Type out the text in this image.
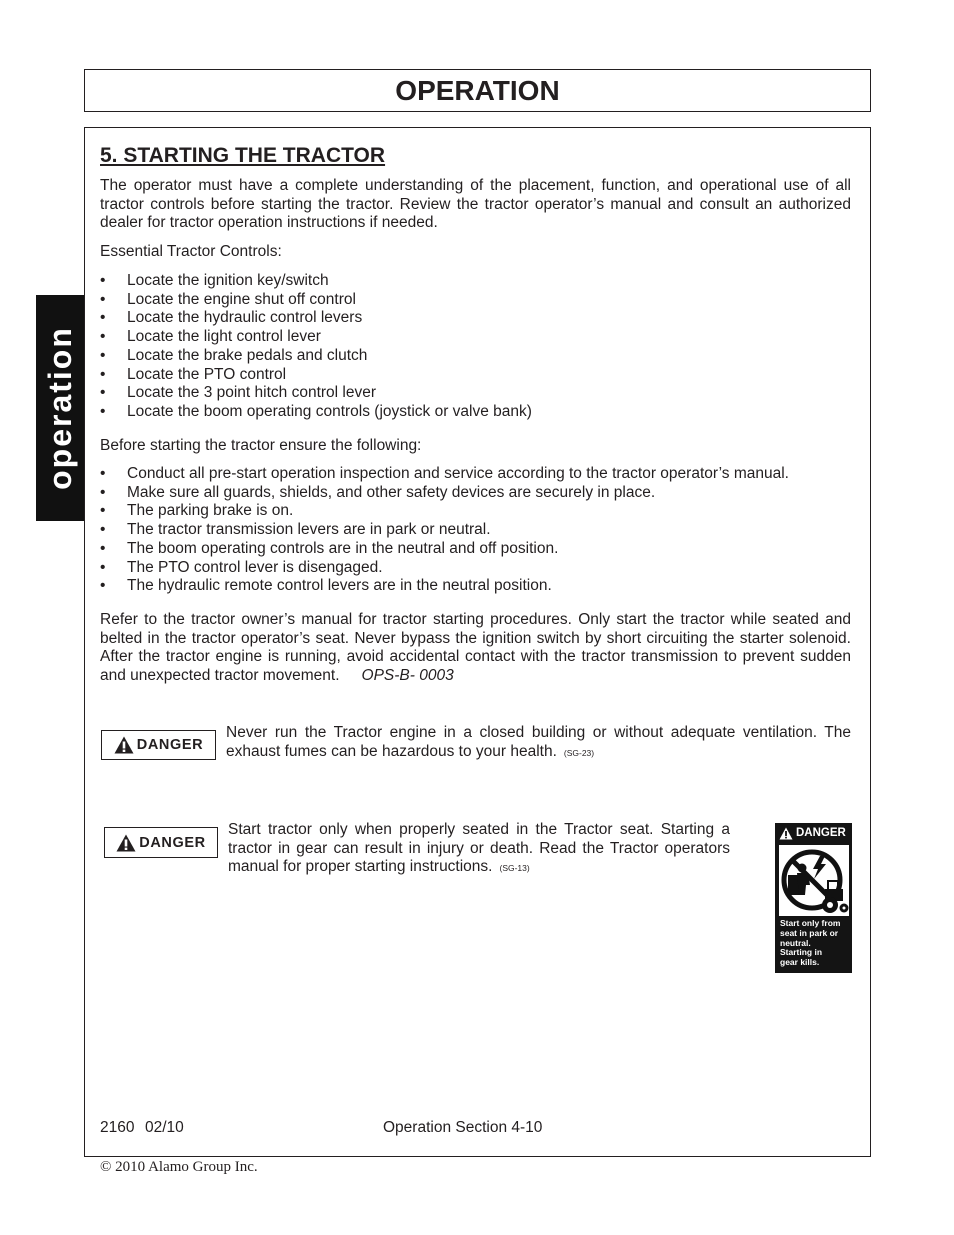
OPERATION
operation
5. STARTING THE TRACTOR

The operator must have a complete understanding of the placement, function, and operational use of all tractor controls before starting the tractor. Review the tractor operator’s manual and consult an authorized dealer for tractor operation instructions if needed.

Essential Tractor Controls:

• Locate the ignition key/switch
• Locate the engine shut off control
• Locate the hydraulic control levers
• Locate the light control lever
• Locate the brake pedals and clutch
• Locate the PTO control
• Locate the 3 point hitch control lever
• Locate the boom operating controls (joystick or valve bank)

Before starting the tractor ensure the following:

• Conduct all pre-start operation inspection and service according to the tractor operator’s manual.
• Make sure all guards, shields, and other safety devices are securely in place.
• The parking brake is on.
• The tractor transmission levers are in park or neutral.
• The boom operating controls are in the neutral and off position.
• The PTO control lever is disengaged.
• The hydraulic remote control levers are in the neutral position.

Refer to the tractor owner’s manual for tractor starting procedures. Only start the tractor while seated and belted in the tractor operator’s seat. Never bypass the ignition switch by short circuiting the starter solenoid. After the tractor engine is running, avoid accidental contact with the tractor transmission to prevent sudden and unexpected tractor movement. OPS-B- 0003

DANGER

Never run the Tractor engine in a closed building or without adequate ventilation. The exhaust fumes can be hazardous to your health. (SG-23)

DANGER

Start tractor only when properly seated in the Tractor seat. Starting a tractor in gear can result in injury or death. Read the Tractor operators manual for proper starting instructions. (SG-13)

DANGER
Start only from
seat in park or
neutral.
Starting in
gear kills.
2160 02/10	Operation Section 4-10
© 2010 Alamo Group Inc.
